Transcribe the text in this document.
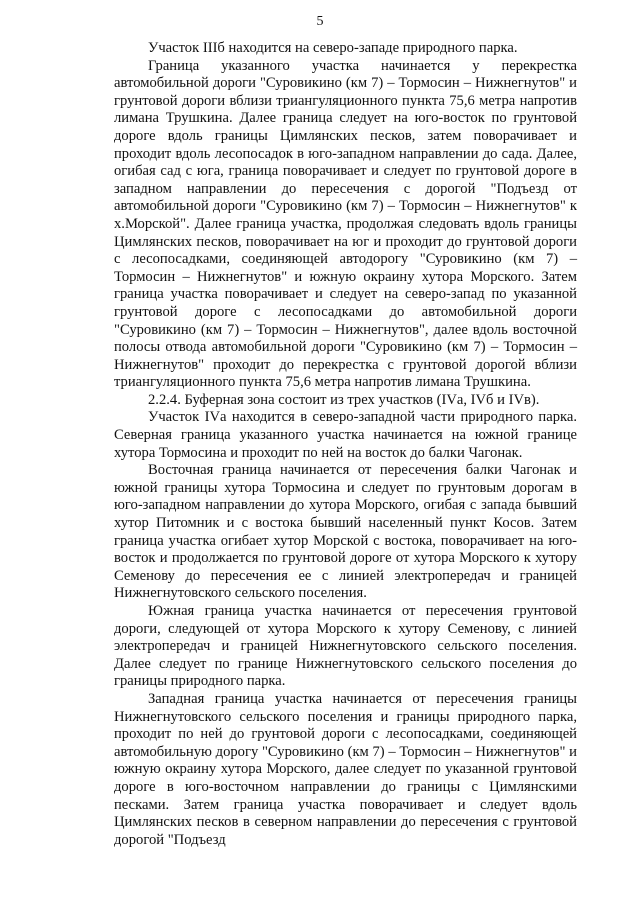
5

Участок IIIб находится на северо-западе природного парка.

Граница указанного участка начинается у перекрестка автомобильной дороги "Суровикино (км 7) – Тормосин – Нижнегнутов" и грунтовой дороги вблизи триангуляционного пункта 75,6 метра напротив лимана Трушкина. Далее граница следует на юго-восток по грунтовой дороге вдоль границы Цимлянских песков, затем поворачивает и проходит вдоль лесопосадок в юго-западном направлении до сада. Далее, огибая сад с юга, граница поворачивает и следует по грунтовой дороге в западном направлении до пересечения с дорогой "Подъезд от автомобильной дороги "Суровикино (км 7) – Тормосин – Нижнегнутов" к х.Морской". Далее граница участка, продолжая следовать вдоль границы Цимлянских песков, поворачивает на юг и проходит до грунтовой дороги с лесопосадками, соединяющей автодорогу "Суровикино (км 7) – Тормосин – Нижнегнутов" и южную окраину хутора Морского. Затем граница участка поворачивает и следует на северо-запад по указанной грунтовой дороге с лесопосадками до автомобильной дороги "Суровикино (км 7) – Тормосин – Нижнегнутов", далее вдоль восточной полосы отвода автомобильной дороги "Суровикино (км 7) – Тормосин – Нижнегнутов" проходит до перекрестка с грунтовой дорогой вблизи триангуляционного пункта 75,6 метра напротив лимана Трушкина.

2.2.4. Буферная зона состоит из трех участков (IVа, IVб и IVв).

Участок IVа находится в северо-западной части природного парка. Северная граница указанного участка начинается на южной границе хутора Тормосина и проходит по ней на восток до балки Чагонак.

Восточная граница начинается от пересечения балки Чагонак и южной границы хутора Тормосина и следует по грунтовым дорогам в юго-западном направлении до хутора Морского, огибая с запада бывший хутор Питомник и с востока бывший населенный пункт Косов. Затем граница участка огибает хутор Морской с востока, поворачивает на юго-восток и продолжается по грунтовой дороге от хутора Морского к хутору Семенову до пересечения ее с линией электропередач и границей Нижнегнутовского сельского поселения.

Южная граница участка начинается от пересечения грунтовой дороги, следующей от хутора Морского к хутору Семенову, с линией электропередач и границей Нижнегнутовского сельского поселения. Далее следует по границе Нижнегнутовского сельского поселения до границы природного парка.

Западная граница участка начинается от пересечения границы Нижнегнутовского сельского поселения и границы природного парка, проходит по ней до грунтовой дороги с лесопосадками, соединяющей автомобильную дорогу "Суровикино (км 7) – Тормосин – Нижнегнутов" и южную окраину хутора Морского, далее следует по указанной грунтовой дороге в юго-восточном направлении до границы с Цимлянскими песками. Затем граница участка поворачивает и следует вдоль Цимлянских песков в северном направлении до пересечения с грунтовой дорогой "Подъезд
